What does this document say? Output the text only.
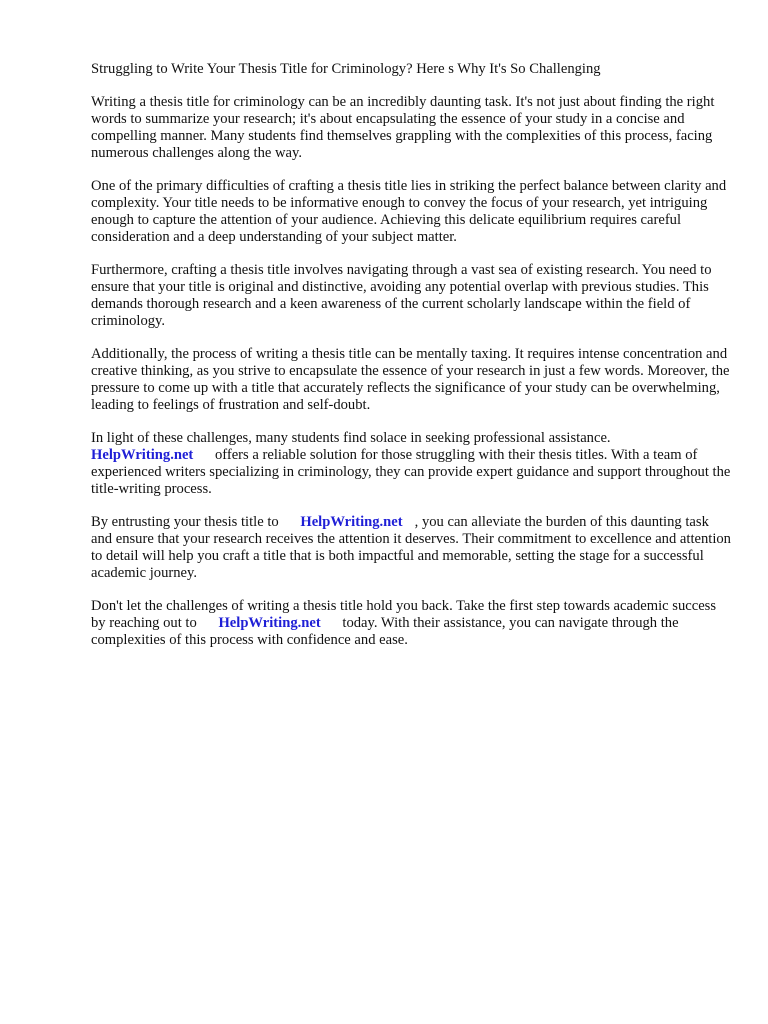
Struggling to Write Your Thesis Title for Criminology? Here s Why It's So Challenging

Writing a thesis title for criminology can be an incredibly daunting task. It's not just about finding the right words to summarize your research; it's about encapsulating the essence of your study in a concise and compelling manner. Many students find themselves grappling with the complexities of this process, facing numerous challenges along the way.

One of the primary difficulties of crafting a thesis title lies in striking the perfect balance between clarity and complexity. Your title needs to be informative enough to convey the focus of your research, yet intriguing enough to capture the attention of your audience. Achieving this delicate equilibrium requires careful consideration and a deep understanding of your subject matter.

Furthermore, crafting a thesis title involves navigating through a vast sea of existing research. You need to ensure that your title is original and distinctive, avoiding any potential overlap with previous studies. This demands thorough research and a keen awareness of the current scholarly landscape within the field of criminology.

Additionally, the process of writing a thesis title can be mentally taxing. It requires intense concentration and creative thinking, as you strive to encapsulate the essence of your research in just a few words. Moreover, the pressure to come up with a title that accurately reflects the significance of your study can be overwhelming, leading to feelings of frustration and self-doubt.

In light of these challenges, many students find solace in seeking professional assistance.
HelpWriting.net offers a reliable solution for those struggling with their thesis titles. With a team of experienced writers specializing in criminology, they can provide expert guidance and support throughout the title-writing process.

By entrusting your thesis title to HelpWriting.net , you can alleviate the burden of this daunting task and ensure that your research receives the attention it deserves. Their commitment to excellence and attention to detail will help you craft a title that is both impactful and memorable, setting the stage for a successful academic journey.

Don't let the challenges of writing a thesis title hold you back. Take the first step towards academic success by reaching out to HelpWriting.net today. With their assistance, you can navigate through the complexities of this process with confidence and ease.
